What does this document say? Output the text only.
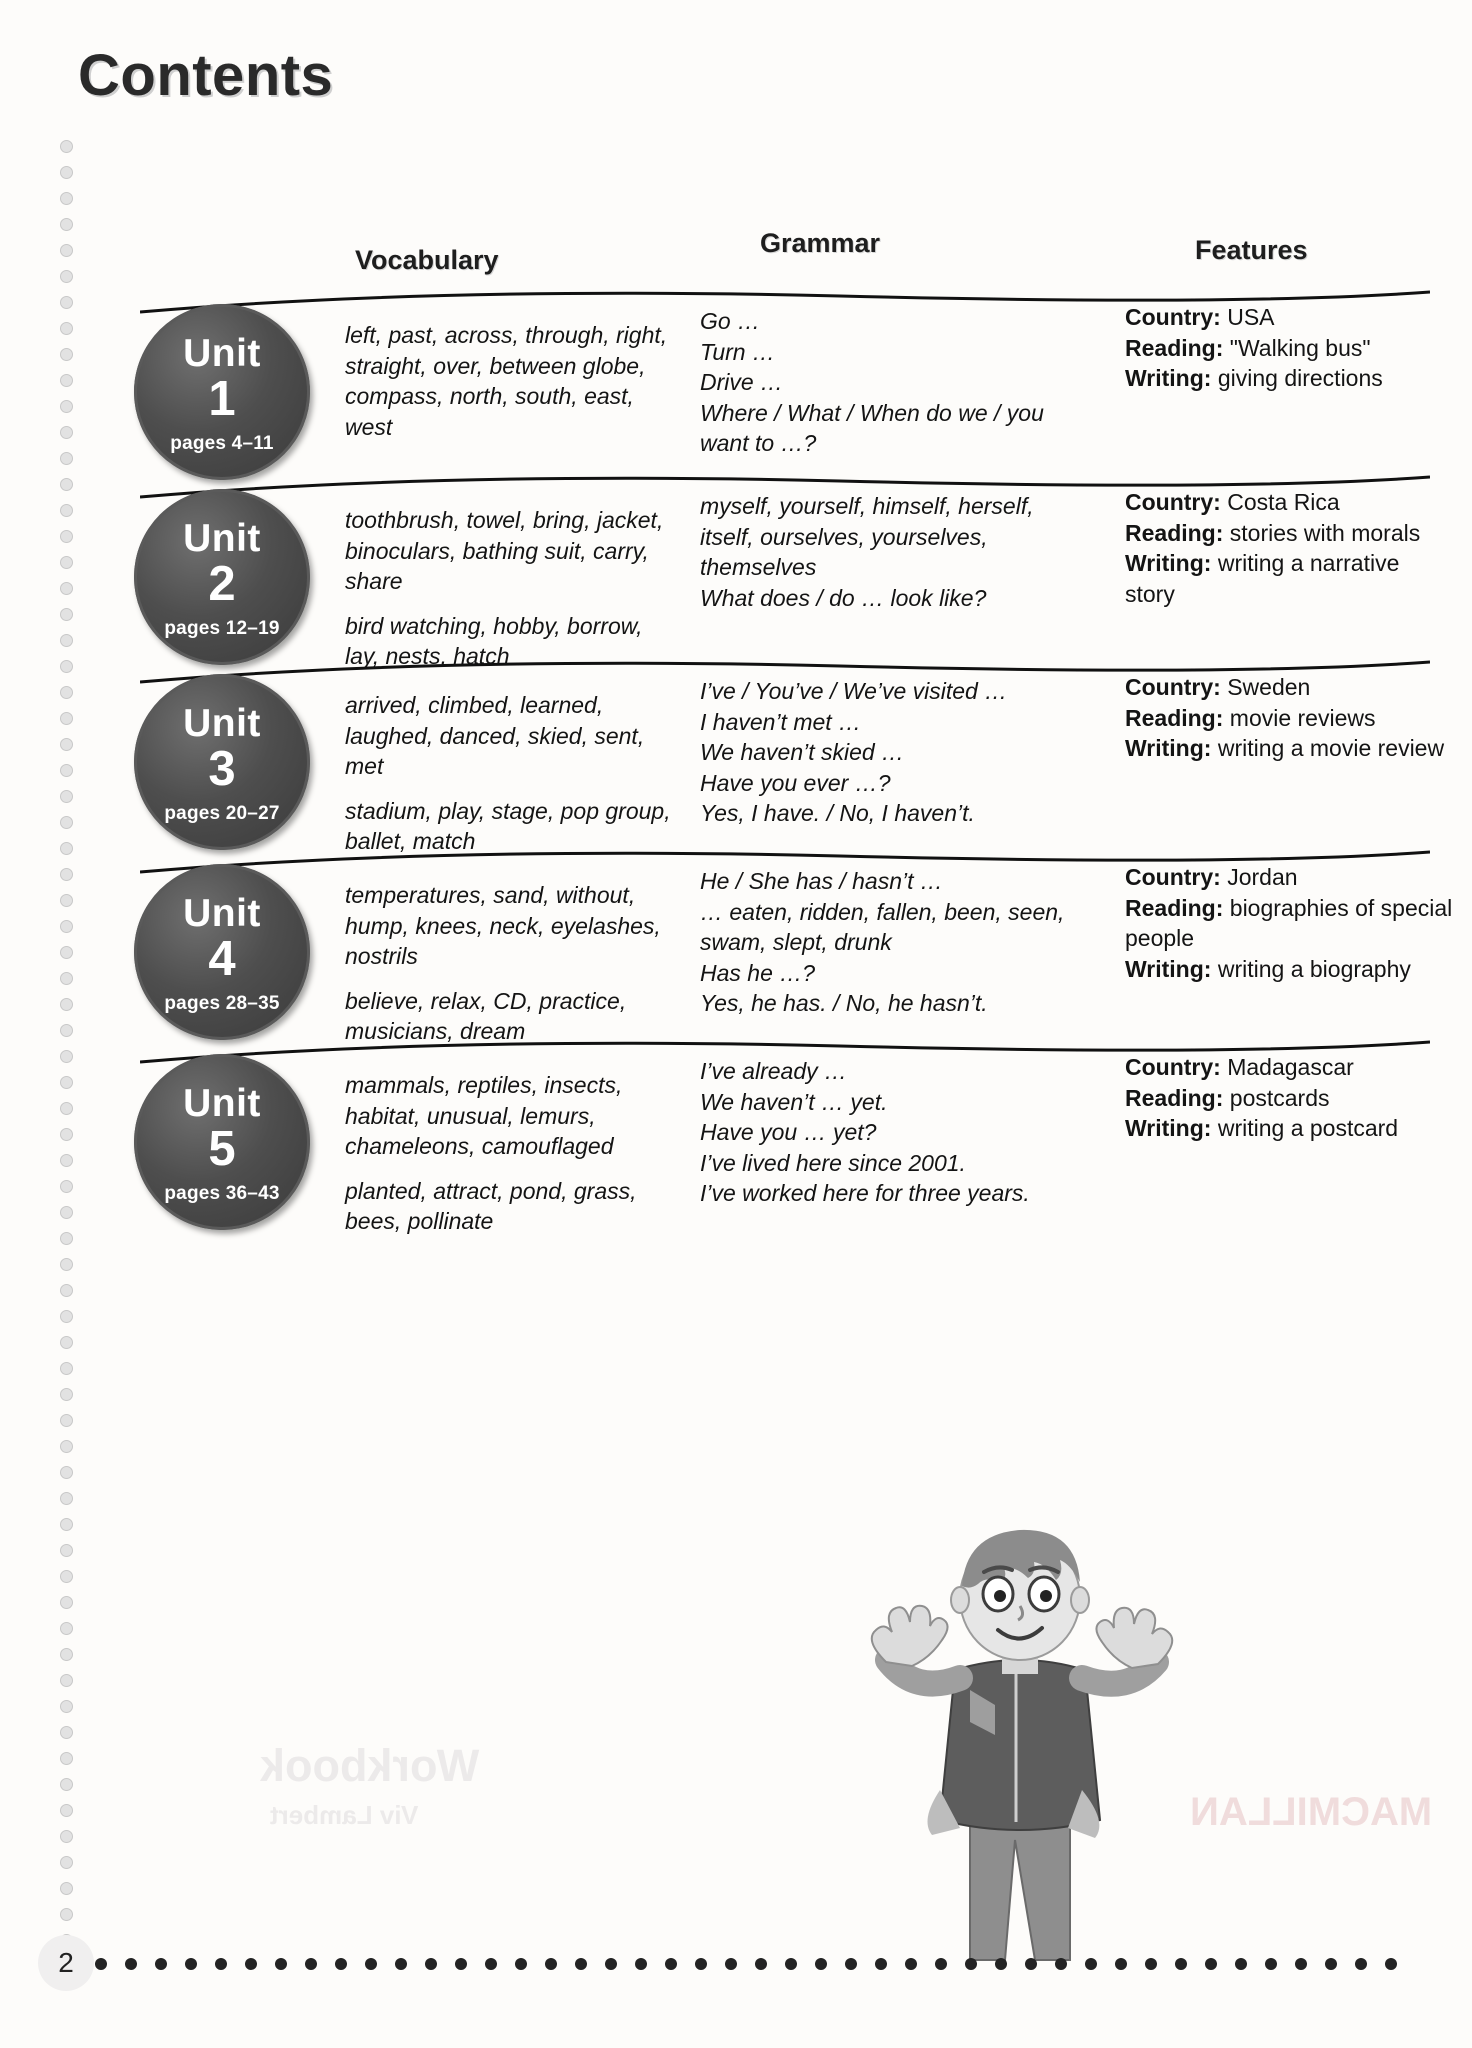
Contents
Vocabulary
Grammar	Features
Unit
1
pages 4–11

left, past, across, through, right, straight, over, between globe, compass, north, south, east, west

Go …

Turn …

Drive …

Where / What / When do we / you want to …?

Country: USA

Reading: "Walking bus"

Writing: giving directions

Unit
2
pages 12–19

toothbrush, towel, bring, jacket, binoculars, bathing suit, carry, share

bird watching, hobby, borrow, lay, nests, hatch

myself, yourself, himself, herself, itself, ourselves, yourselves, themselves

What does / do … look like?

Country: Costa Rica

Reading: stories with morals

Writing: writing a narrative story

Unit
3
pages 20–27

arrived, climbed, learned, laughed, danced, skied, sent, met

stadium, play, stage, pop group, ballet, match

I’ve / You’ve / We’ve visited …

I haven’t met …

We haven’t skied …

Have you ever …?

Yes, I have. / No, I haven’t.

Country: Sweden

Reading: movie reviews

Writing: writing a movie review

Unit
4
pages 28–35

temperatures, sand, without, hump, knees, neck, eyelashes, nostrils

believe, relax, CD, practice, musicians, dream

He / She has / hasn’t …

… eaten, ridden, fallen, been, seen, swam, slept, drunk

Has he …?

Yes, he has. / No, he hasn’t.

Country: Jordan

Reading: biographies of special people

Writing: writing a biography

Unit
5
pages 36–43

mammals, reptiles, insects, habitat, unusual, lemurs, chameleons, camouflaged

planted, attract, pond, grass, bees, pollinate

I’ve already …

We haven’t … yet.

Have you … yet?

I’ve lived here since 2001.

I’ve worked here for three years.

Country: Madagascar

Reading: postcards

Writing: writing a postcard

Workbook
Viv Lambert	MACMILLAN
2
